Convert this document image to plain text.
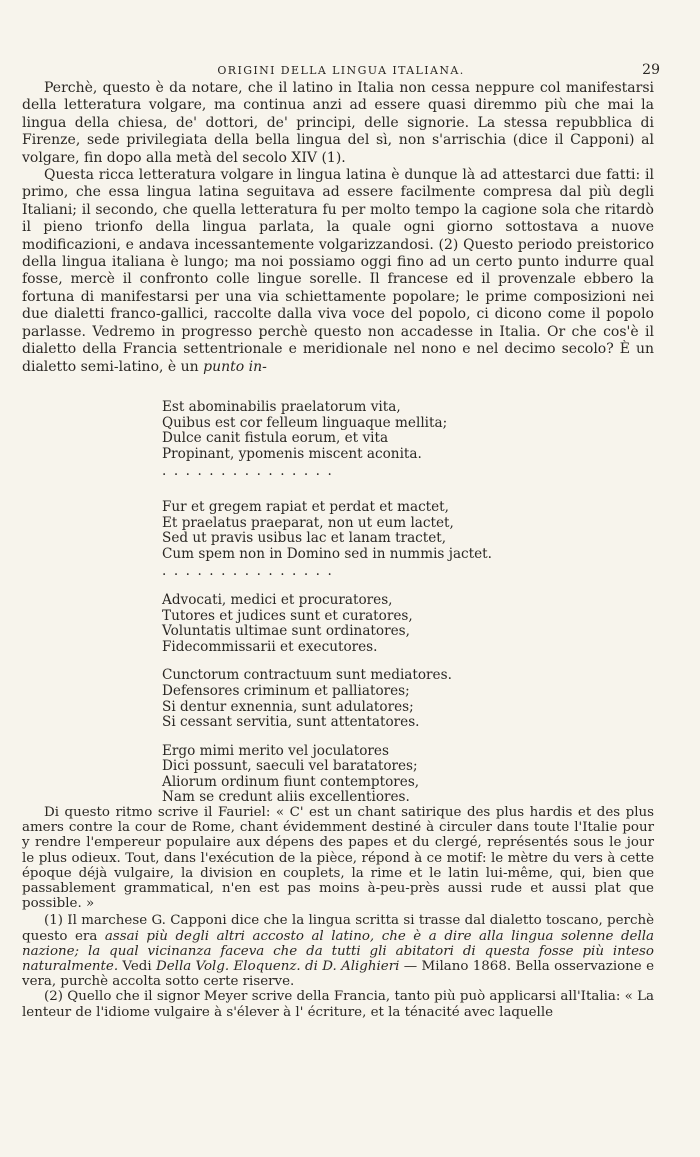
ORIGINI DELLA LINGUA ITALIANA.	29

Perchè, questo è da notare, che il latino in Italia non cessa neppure col manifestarsi della letteratura volgare, ma continua anzi ad essere quasi diremmo più che mai la lingua della chiesa, de' dottori, de' principi, delle signorie. La stessa repubblica di Firenze, sede privilegiata della bella lingua del sì, non s'arrischia (dice il Capponi) al volgare, fin dopo alla metà del secolo XIV (1).

Questa ricca letteratura volgare in lingua latina è dunque là ad attestarci due fatti: il primo, che essa lingua latina seguitava ad essere facilmente compresa dal più degli Italiani; il secondo, che quella letteratura fu per molto tempo la cagione sola che ritardò il pieno trionfo della lingua parlata, la quale ogni giorno sottostava a nuove modificazioni, e andava incessantemente volgarizzandosi. (2) Questo periodo preistorico della lingua italiana è lungo; ma noi possiamo oggi fino ad un certo punto indurre qual fosse, mercè il confronto colle lingue sorelle. Il francese ed il provenzale ebbero la fortuna di manifestarsi per una via schiettamente popolare; le prime composizioni nei due dialetti franco-gallici, raccolte dalla viva voce del popolo, ci dicono come il popolo parlasse. Vedremo in progresso perchè questo non accadesse in Italia. Or che cos'è il dialetto della Francia settentrionale e meridionale nel nono e nel decimo secolo? È un dialetto semi-latino, è un punto in-

Est abominabilis praelatorum vita,
Quibus est cor felleum linguaque mellita;
Dulce canit fistula eorum, et vita
Propinant, ypomenis miscent aconita.
...............
Fur et gregem rapiat et perdat et mactet,
Et praelatus praeparat, non ut eum lactet,
Sed ut pravis usibus lac et lanam tractet,
Cum spem non in Domino sed in nummis jactet.
...............
Advocati, medici et procuratores,
Tutores et judices sunt et curatores,
Voluntatis ultimae sunt ordinatores,
Fidecommissarii et executores.
Cunctorum contractuum sunt mediatores.
Defensores criminum et palliatores;
Si dentur exnennia, sunt adulatores;
Si cessant servitia, sunt attentatores.
Ergo mimi merito vel joculatores
Dici possunt, saeculi vel baratatores;
Aliorum ordinum fiunt contemptores,
Nam se credunt aliis excellentiores.

Di questo ritmo scrive il Fauriel: « C' est un chant satirique des plus hardis et des plus amers contre la cour de Rome, chant évidemment destiné à circuler dans toute l'Italie pour y rendre l'empereur populaire aux dépens des papes et du clergé, représentés sous le jour le plus odieux. Tout, dans l'exécution de la pièce, répond à ce motif: le mètre du vers à cette époque déjà vulgaire, la division en couplets, la rime et le latin lui-même, qui, bien que passablement grammatical, n'en est pas moins à-peu-près aussi rude et aussi plat que possible. »

(1) Il marchese G. Capponi dice che la lingua scritta si trasse dal dialetto toscano, perchè questo era assai più degli altri accosto al latino, che è a dire alla lingua solenne della nazione; la qual vicinanza faceva che da tutti gli abitatori di questa fosse più inteso naturalmente. Vedi Della Volg. Eloquenz. di D. Alighieri — Milano 1868. Bella osservazione e vera, purchè accolta sotto certe riserve.

(2) Quello che il signor Meyer scrive della Francia, tanto più può applicarsi all'Italia: « La lenteur de l'idiome vulgaire à s'élever à l' écriture, et la ténacité avec laquelle
